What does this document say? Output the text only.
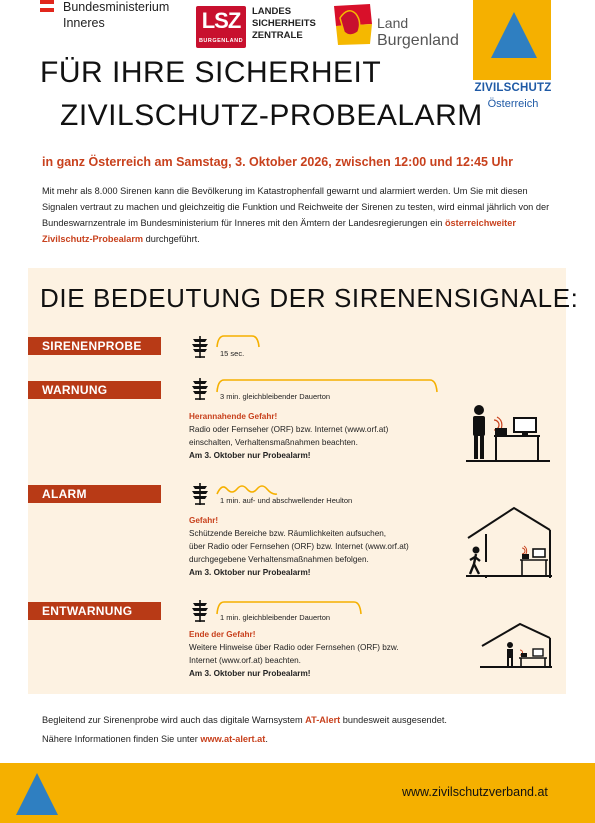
Bundesministerium
Inneres	LSZ
BURGENLAND
LANDES
SICHERHEITS
ZENTRALE
Land
Burgenland
ZIVILSCHUTZ
Österreich
FÜR IHRE SICHERHEIT
ZIVILSCHUTZ-PROBEALARM
in ganz Österreich am Samstag, 3. Oktober 2026, zwischen 12:00 und 12:45 Uhr
Mit mehr als 8.000 Sirenen kann die Bevölkerung im Katastrophenfall gewarnt und alarmiert werden. Um Sie mit diesen Signalen vertraut zu machen und gleichzeitig die Funktion und Reichweite der Sirenen zu testen, wird einmal jährlich von der Bundeswarnzentrale im Bundesministerium für Inneres mit den Ämtern der Landesregierungen ein österreichweiter Zivilschutz-Probealarm durchgeführt.
DIE BEDEUTUNG DER SIRENENSIGNALE:
SIRENENPROBE
15 sec.
WARNUNG	3 min. gleichbleibender Dauerton
Herannahende Gefahr!
Radio oder Fernseher (ORF) bzw. Internet (www.orf.at)
einschalten, Verhaltensmaßnahmen beachten.
Am 3. Oktober nur Probealarm!
ALARM	1 min. auf- und abschwellender Heulton
Gefahr!
Schützende Bereiche bzw. Räumlichkeiten aufsuchen,
über Radio oder Fernsehen (ORF) bzw. Internet (www.orf.at)
durchgegebene Verhaltensmaßnahmen befolgen.
Am 3. Oktober nur Probealarm!
ENTWARNUNG	1 min. gleichbleibender Dauerton
Ende der Gefahr!
Weitere Hinweise über Radio oder Fernsehen (ORF) bzw.
Internet (www.orf.at) beachten.
Am 3. Oktober nur Probealarm!
Begleitend zur Sirenenprobe wird auch das digitale Warnsystem AT-Alert bundesweit ausgesendet.
Nähere Informationen finden Sie unter www.at-alert.at.
www.zivilschutzverband.at
